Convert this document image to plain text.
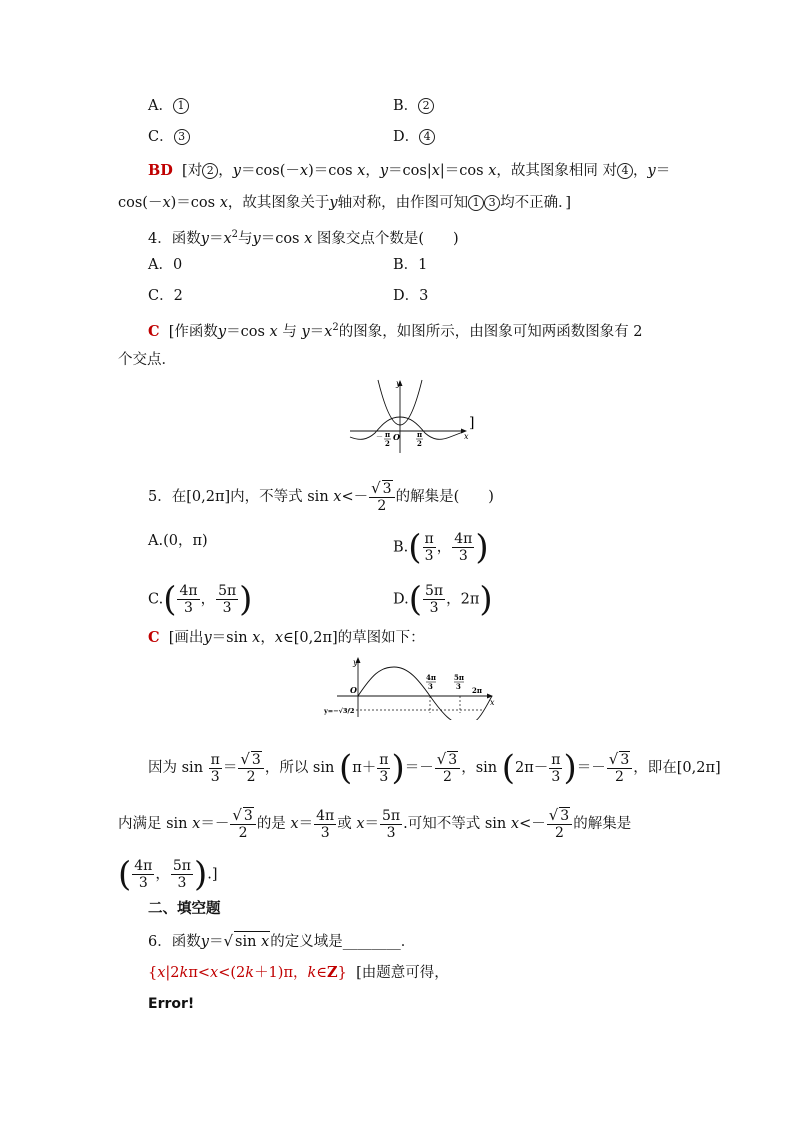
A． 1	B． 2
C． 3	D． 4
BD  [对 2 ，y＝cos(－x)＝cos x，y＝cos|x|＝cos x，故其图象相同 对 4 ，y＝
cos(－x)＝cos x，故其图象关于y轴对称，由作图可知 1 3 均不正确．]
4．函数$y=x^2$与y＝cos x 图象交点个数是(　　)
A．0	B．1
C．2	D．3
C  [作函数y＝cos x 与 $y=x^2$的图象，如图所示，由图象可知两函数图象有 2
个交点．
y
x
O
－ π
2
π
2
]
5．在[0,2π]内，不等式 $\sin x<- \frac{√ 3}{2}$ 的解集是(　　)
A.(0，π)	$B.( \frac{\pi}{3}$ ， $\frac{4\pi}{3}$ )
$C.( \frac{4\pi}{3}$ ， $\frac{5\pi}{3}$ )	$D.( \frac{5\pi}{3}$ ，2π)
C  [画出y＝sin x，x∈[0,2π]的草图如下：
y
x
O
4π
3
5π
3 2π
y=−√3/2
因为 $\sin \frac{\pi}{3} = \frac{√ 3}{2}$ ，所以 $\sin (\pi+ \frac{\pi}{3}$ )＝－ $\frac{√ 3}{2}$ ，$\sin (2\pi- \frac{\pi}{3}$ )＝－ $\frac{√ 3}{2}$ ，即在[0,2π]
内满足 $\sin x=- \frac{√ 3}{2}$ 的是 $x= \frac{4\pi}{3}$ 或 $x= \frac{5\pi}{3}$ .可知不等式 $\sin x<- \frac{√ 3}{2}$ 的解集是
( $\frac{4\pi}{3}$ ， $\frac{5\pi}{3}$ ).]
二、填空题
6．函数y＝√ sin x的定义域是________．
{x|2kπ<x<(2k＋1)π，k∈Z} [由题意可得，
Error!
